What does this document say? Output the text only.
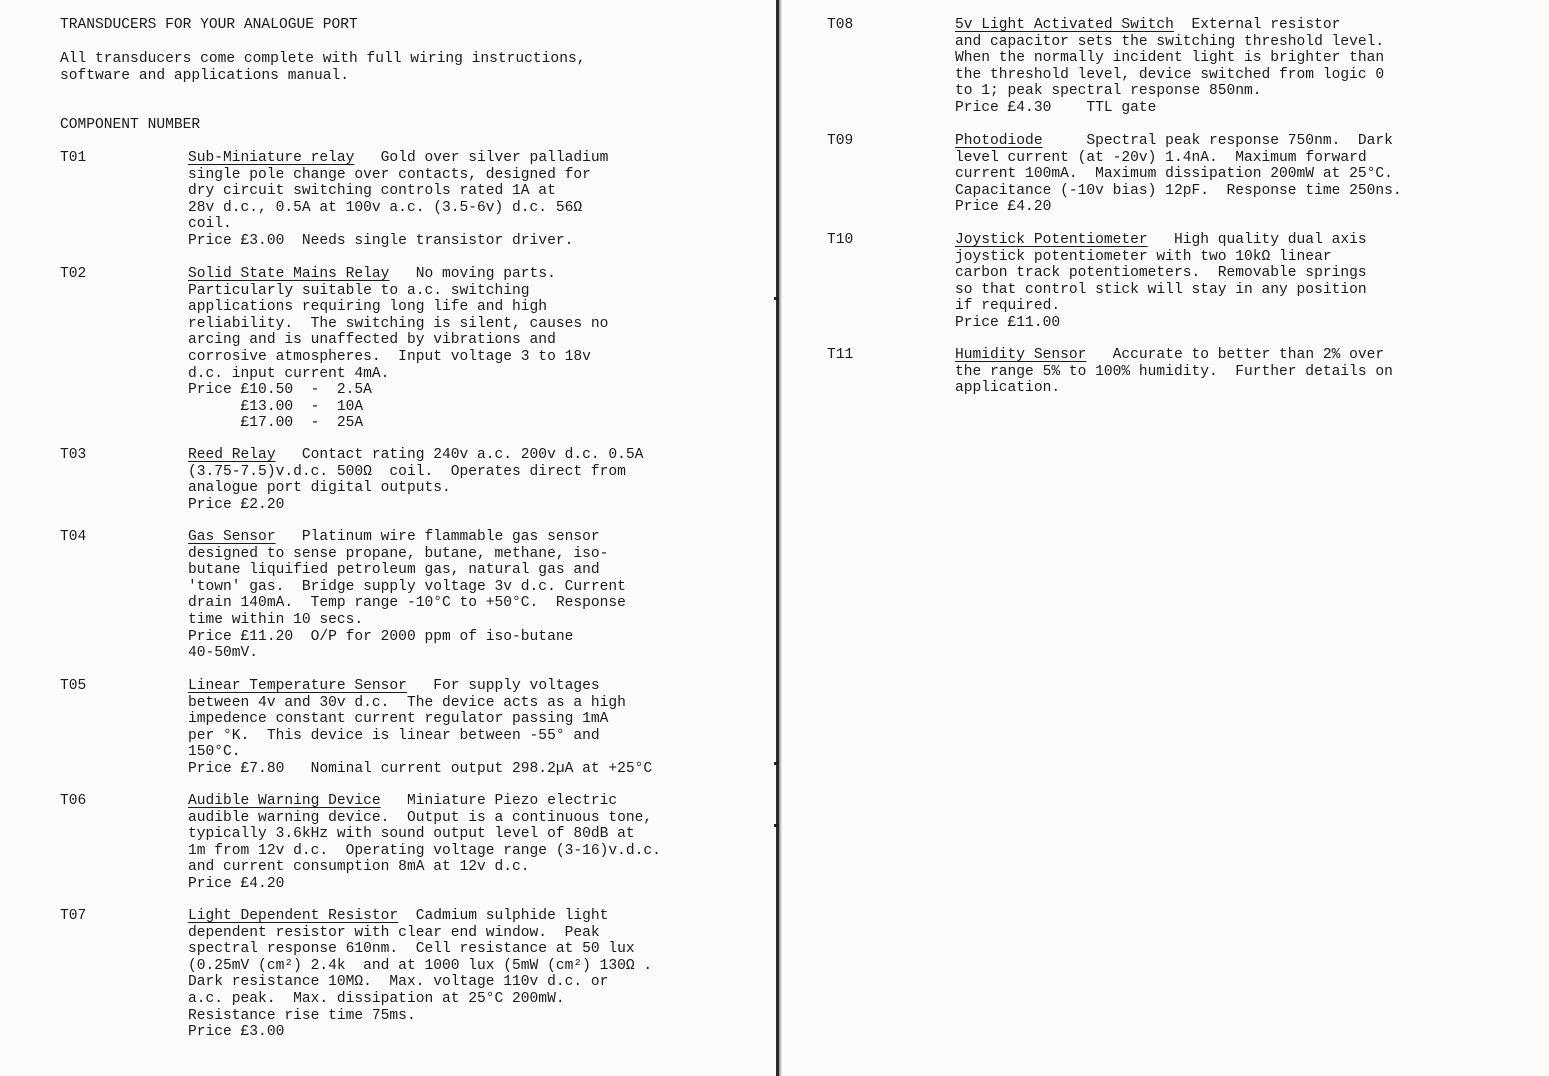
TRANSDUCERS FOR YOUR ANALOGUE PORT
All transducers come complete with full wiring instructions,
software and applications manual.
COMPONENT NUMBER
T01	Sub-Miniature relay   Gold over silver palladium
single pole change over contacts, designed for
dry circuit switching controls rated 1A at
28v d.c., 0.5A at 100v a.c. (3.5-6v) d.c. 56Ω
coil.
Price £3.00  Needs single transistor driver.
T02	Solid State Mains Relay   No moving parts.
Particularly suitable to a.c. switching
applications requiring long life and high
reliability.  The switching is silent, causes no
arcing and is unaffected by vibrations and
corrosive atmospheres.  Input voltage 3 to 18v
d.c. input current 4mA.
Price £10.50  -  2.5A
£13.00  -  10A
£17.00  -  25A
T03	Reed Relay   Contact rating 240v a.c. 200v d.c. 0.5A
(3.75-7.5)v.d.c. 500Ω  coil.  Operates direct from
analogue port digital outputs.
Price £2.20
T04	Gas Sensor   Platinum wire flammable gas sensor
designed to sense propane, butane, methane, iso-
butane liquified petroleum gas, natural gas and
'town' gas.  Bridge supply voltage 3v d.c. Current
drain 140mA.  Temp range -10°C to +50°C.  Response
time within 10 secs.
Price £11.20  O/P for 2000 ppm of iso-butane
40-50mV.
T05	Linear Temperature Sensor   For supply voltages
between 4v and 30v d.c.  The device acts as a high
impedence constant current regulator passing 1mA
per °K.  This device is linear between -55° and
150°C.
Price £7.80   Nominal current output 298.2µA at +25°C
T06	Audible Warning Device   Miniature Piezo electric
audible warning device.  Output is a continuous tone,
typically 3.6kHz with sound output level of 80dB at
1m from 12v d.c.  Operating voltage range (3-16)v.d.c.
and current consumption 8mA at 12v d.c.
Price £4.20
T07	Light Dependent Resistor  Cadmium sulphide light
dependent resistor with clear end window.  Peak
spectral response 610nm.  Cell resistance at 50 lux
(0.25mV (cm²) 2.4k  and at 1000 lux (5mW (cm²) 130Ω .
Dark resistance 10MΩ.  Max. voltage 110v d.c. or
a.c. peak.  Max. dissipation at 25°C 200mW.
Resistance rise time 75ms.
Price £3.00
T08	5v Light Activated Switch  External resistor
and capacitor sets the switching threshold level.
When the normally incident light is brighter than
the threshold level, device switched from logic 0
to 1; peak spectral response 850nm.
Price £4.30    TTL gate
T09	Photodiode     Spectral peak response 750nm.  Dark
level current (at -20v) 1.4nA.  Maximum forward
current 100mA.  Maximum dissipation 200mW at 25°C.
Capacitance (-10v bias) 12pF.  Response time 250ns.
Price £4.20
T10	Joystick Potentiometer   High quality dual axis
joystick potentiometer with two 10kΩ linear
carbon track potentiometers.  Removable springs
so that control stick will stay in any position
if required.
Price £11.00
T11	Humidity Sensor   Accurate to better than 2% over
the range 5% to 100% humidity.  Further details on
application.
